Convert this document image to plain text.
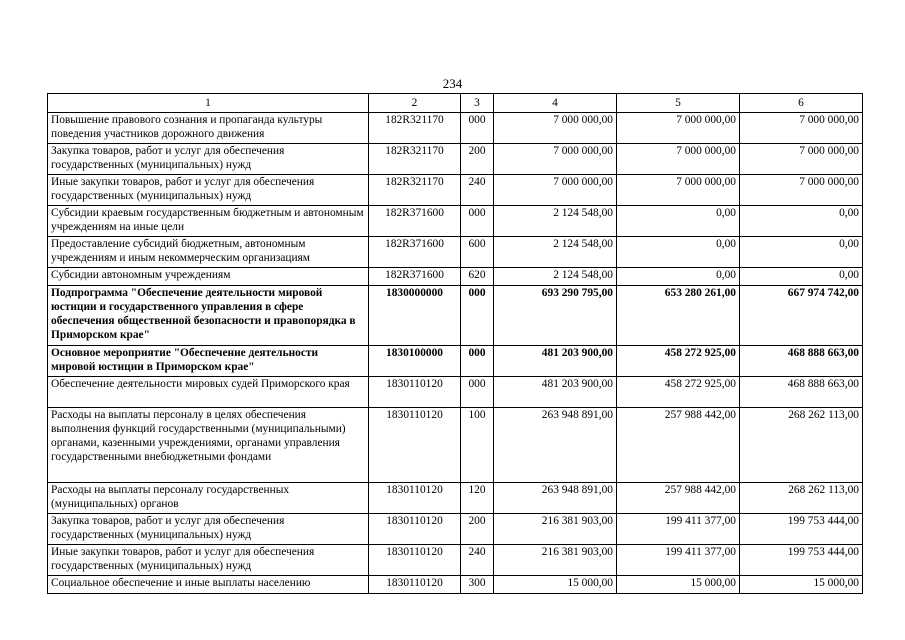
234
1	2	3	4	5	6
Повышение правового сознания и пропаганда культуры поведения участников дорожного движения	182R321170	000	7 000 000,00	7 000 000,00	7 000 000,00
Закупка товаров, работ и услуг для обеспечения государственных (муниципальных) нужд	182R321170	200	7 000 000,00	7 000 000,00	7 000 000,00
Иные закупки товаров, работ и услуг для обеспечения государственных (муниципальных) нужд	182R321170	240	7 000 000,00	7 000 000,00	7 000 000,00
Субсидии краевым государственным бюджетным и автономным учреждениям на иные цели	182R371600	000	2 124 548,00	0,00	0,00
Предоставление субсидий бюджетным, автономным учреждениям и иным некоммерческим организациям	182R371600	600	2 124 548,00	0,00	0,00
Субсидии автономным учреждениям	182R371600	620	2 124 548,00	0,00	0,00
Подпрограмма "Обеспечение деятельности мировой юстиции и государственного управления в сфере обеспечения общественной безопасности и правопорядка в Приморском крае"	1830000000	000	693 290 795,00	653 280 261,00	667 974 742,00
Основное мероприятие "Обеспечение деятельности мировой юстиции в Приморском крае"	1830100000	000	481 203 900,00	458 272 925,00	468 888 663,00
Обеспечение деятельности мировых судей Приморского края	1830110120	000	481 203 900,00	458 272 925,00	468 888 663,00
Расходы на выплаты персоналу в целях обеспечения выполнения функций государственными (муниципальными) органами, казенными учреждениями, органами управления государственными внебюджетными фондами	1830110120	100	263 948 891,00	257 988 442,00	268 262 113,00
Расходы на выплаты персоналу государственных (муниципальных) органов	1830110120	120	263 948 891,00	257 988 442,00	268 262 113,00
Закупка товаров, работ и услуг для обеспечения государственных (муниципальных) нужд	1830110120	200	216 381 903,00	199 411 377,00	199 753 444,00
Иные закупки товаров, работ и услуг для обеспечения государственных (муниципальных) нужд	1830110120	240	216 381 903,00	199 411 377,00	199 753 444,00
Социальное обеспечение и иные выплаты населению	1830110120	300	15 000,00	15 000,00	15 000,00
